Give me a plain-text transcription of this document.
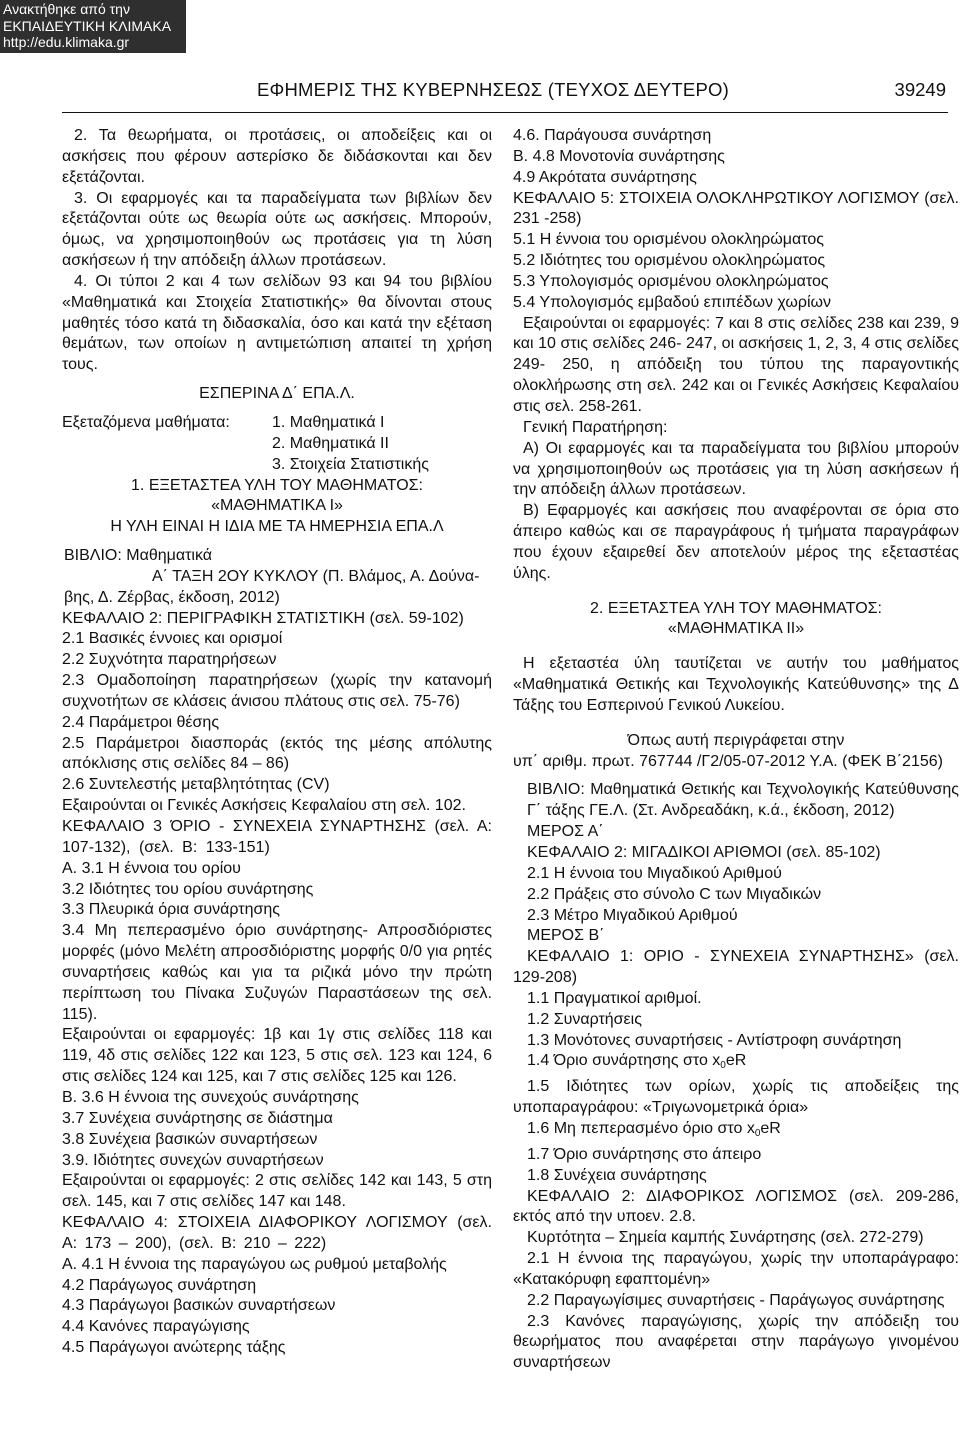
Ανακτήθηκε από την
ΕΚΠΑΙΔΕΥΤΙΚΗ ΚΛΙΜΑΚΑ
http://edu.klimaka.gr
ΕΦΗΜΕΡΙΣ ΤΗΣ ΚΥΒΕΡΝΗΣΕΩΣ (ΤΕΥΧΟΣ ΔΕΥΤΕΡΟ)	39249

2. Τα θεωρήματα, οι προτάσεις, οι αποδείξεις και οι ασκήσεις που φέρουν αστερίσκο δε διδάσκονται και δεν εξετάζονται.

3. Οι εφαρμογές και τα παραδείγματα των βιβλίων δεν εξετάζονται ούτε ως θεωρία ούτε ως ασκήσεις. Μπορούν, όμως, να χρησιμοποιηθούν ως προτάσεις για τη λύση ασκήσεων ή την απόδειξη άλλων προτάσεων.

4. Οι τύποι 2 και 4 των σελίδων 93 και 94 του βιβλίου «Μαθηματικά και Στοιχεία Στατιστικής» θα δίνονται στους μαθητές τόσο κατά τη διδασκαλία, όσο και κατά την εξέταση θεμάτων, των οποίων η αντιμετώπιση απαιτεί τη χρήση τους.

ΕΣΠΕΡΙΝΑ Δ΄ ΕΠΑ.Λ.

Εξεταζόμενα μαθήματα:	1. Μαθηματικά Ι
2. Μαθηματικά ΙΙ
3. Στοιχεία Στατιστικής

1. ΕΞΕΤΑΣΤΕΑ ΥΛΗ ΤΟΥ ΜΑΘΗΜΑΤΟΣ:

«ΜΑΘΗΜΑΤΙΚΑ Ι»

Η ΥΛΗ ΕΙΝΑΙ Η ΙΔΙΑ ΜΕ ΤΑ ΗΜΕΡΗΣΙΑ ΕΠΑ.Λ

ΒΙΒΛΙΟ: Μαθηματικά

Α΄ ΤΑΞΗ 2ΟΥ ΚΥΚΛΟΥ (Π. Βλάμος, Α. Δούνα-

βης, Δ. Ζέρβας, έκδοση, 2012)

ΚΕΦΑΛΑΙΟ 2: ΠΕΡΙΓΡΑΦΙΚΗ ΣΤΑΤΙΣΤΙΚΗ (σελ. 59-102)

2.1 Βασικές έννοιες και ορισμοί

2.2 Συχνότητα παρατηρήσεων

2.3 Ομαδοποίηση παρατηρήσεων (χωρίς την κατανομή συχνοτήτων σε κλάσεις άνισου πλάτους στις σελ. 75-76)

2.4 Παράμετροι θέσης

2.5 Παράμετροι διασποράς (εκτός της μέσης απόλυτης απόκλισης στις σελίδες 84 – 86)

2.6 Συντελεστής μεταβλητότητας (CV)

Εξαιρούνται οι Γενικές Ασκήσεις Κεφαλαίου στη σελ. 102.

ΚΕΦΑΛΑΙΟ 3 ΌΡΙΟ - ΣΥΝΕΧΕΙΑ ΣΥΝΑΡΤΗΣΗΣ (σελ. Α: 107-132), (σελ. Β: 133-151)

Α. 3.1 Η έννοια του ορίου

3.2 Ιδιότητες του ορίου συνάρτησης

3.3 Πλευρικά όρια συνάρτησης

3.4 Μη πεπερασμένο όριο συνάρτησης- Απροσδιόριστες μορφές (μόνο Μελέτη απροσδιόριστης μορφής 0/0 για ρητές συναρτήσεις καθώς και για τα ριζικά μόνο την πρώτη περίπτωση του Πίνακα Συζυγών Παραστάσεων της σελ. 115).

Εξαιρούνται οι εφαρμογές: 1β και 1γ στις σελίδες 118 και 119, 4δ στις σελίδες 122 και 123, 5 στις σελ. 123 και 124, 6 στις σελίδες 124 και 125, και 7 στις σελίδες 125 και 126.

Β. 3.6 Η έννοια της συνεχούς συνάρτησης

3.7 Συνέχεια συνάρτησης σε διάστημα

3.8 Συνέχεια βασικών συναρτήσεων

3.9. Ιδιότητες συνεχών συναρτήσεων

Εξαιρούνται οι εφαρμογές: 2 στις σελίδες 142 και 143, 5 στη σελ. 145, και 7 στις σελίδες 147 και 148.

ΚΕΦΑΛΑΙΟ 4: ΣΤΟΙΧΕΙΑ ΔΙΑΦΟΡΙΚΟΥ ΛΟΓΙΣΜΟΥ (σελ. Α: 173 – 200), (σελ. Β: 210 – 222)

Α. 4.1 Η έννοια της παραγώγου ως ρυθμού μεταβολής

4.2 Παράγωγος συνάρτηση

4.3 Παράγωγοι βασικών συναρτήσεων

4.4 Κανόνες παραγώγισης

4.5 Παράγωγοι ανώτερης τάξης

4.6. Παράγουσα συνάρτηση

Β. 4.8 Μονοτονία συνάρτησης

4.9 Ακρότατα συνάρτησης

ΚΕΦΑΛΑΙΟ 5: ΣΤΟΙΧΕΙΑ ΟΛΟΚΛΗΡΩΤΙΚΟΥ ΛΟΓΙΣΜΟΥ (σελ. 231 -258)

5.1 Η έννοια του ορισμένου ολοκληρώματος

5.2 Ιδιότητες του ορισμένου ολοκληρώματος

5.3 Υπολογισμός ορισμένου ολοκληρώματος

5.4 Υπολογισμός εμβαδού επιπέδων χωρίων

Εξαιρούνται οι εφαρμογές: 7 και 8 στις σελίδες 238 και 239, 9 και 10 στις σελίδες 246- 247, οι ασκήσεις 1, 2, 3, 4 στις σελίδες 249- 250, η απόδειξη του τύπου της παραγοντικής ολοκλήρωσης στη σελ. 242 και οι Γενικές Ασκήσεις Κεφαλαίου στις σελ. 258-261.

Γενική Παρατήρηση:

Α) Οι εφαρμογές και τα παραδείγματα του βιβλίου μπορούν να χρησιμοποιηθούν ως προτάσεις για τη λύση ασκήσεων ή την απόδειξη άλλων προτάσεων.

Β) Εφαρμογές και ασκήσεις που αναφέρονται σε όρια στο άπειρο καθώς και σε παραγράφους ή τμήματα παραγράφων που έχουν εξαιρεθεί δεν αποτελούν μέρος της εξεταστέας ύλης.

2. ΕΞΕΤΑΣΤΕΑ ΥΛΗ ΤΟΥ ΜΑΘΗΜΑΤΟΣ:

«ΜΑΘΗΜΑΤΙΚΑ ΙΙ»

Η εξεταστέα ύλη ταυτίζεται νε αυτήν του μαθήματος «Μαθηματικά Θετικής και Τεχνολογικής Κατεύθυνσης» της Δ Τάξης του Εσπερινού Γενικού Λυκείου.

Όπως αυτή περιγράφεται στην

υπ΄ αριθμ. πρωτ. 767744 /Γ2/05-07-2012 Υ.Α. (ΦΕΚ Β΄2156)

ΒΙΒΛΙΟ: Μαθηματικά Θετικής και Τεχνολογικής Κατεύθυνσης Γ΄ τάξης ΓΕ.Λ. (Στ. Ανδρεαδάκη, κ.ά., έκδοση, 2012)

ΜΕΡΟΣ Α΄

ΚΕΦΑΛΑΙΟ 2: ΜΙΓΑΔΙΚΟΙ ΑΡΙΘΜΟΙ (σελ. 85-102)

2.1 Η έννοια του Μιγαδικού Αριθμού

2.2 Πράξεις στο σύνολο C των Μιγαδικών

2.3 Μέτρο Μιγαδικού Αριθμού

ΜΕΡΟΣ Β΄

ΚΕΦΑΛΑΙΟ 1: ΟΡΙΟ - ΣΥΝΕΧΕΙΑ ΣΥΝΑΡΤΗΣΗΣ» (σελ. 129-208)

1.1 Πραγματικοί αριθμοί.

1.2 Συναρτήσεις

1.3 Μονότονες συναρτήσεις - Αντίστροφη συνάρτηση

1.4 Όριο συνάρτησης στο $x_0eR$

1.5 Ιδιότητες των ορίων, χωρίς τις αποδείξεις της υποπαραγράφου: «Τριγωνομετρικά όρια»

1.6 Μη πεπερασμένο όριο στο $x_0eR$

1.7 Όριο συνάρτησης στο άπειρο

1.8 Συνέχεια συνάρτησης

ΚΕΦΑΛΑΙΟ 2: ΔΙΑΦΟΡΙΚΟΣ ΛΟΓΙΣΜΟΣ (σελ. 209-286, εκτός από την υποεν. 2.8.

Κυρτότητα – Σημεία καμπής Συνάρτησης (σελ. 272-279)

2.1 Η έννοια της παραγώγου, χωρίς την υποπαράγραφο: «Κατακόρυφη εφαπτομένη»

2.2 Παραγωγίσιμες συναρτήσεις - Παράγωγος συνάρτησης

2.3 Κανόνες παραγώγισης, χωρίς την απόδειξη του θεωρήματος που αναφέρεται στην παράγωγο γινομένου συναρτήσεων
